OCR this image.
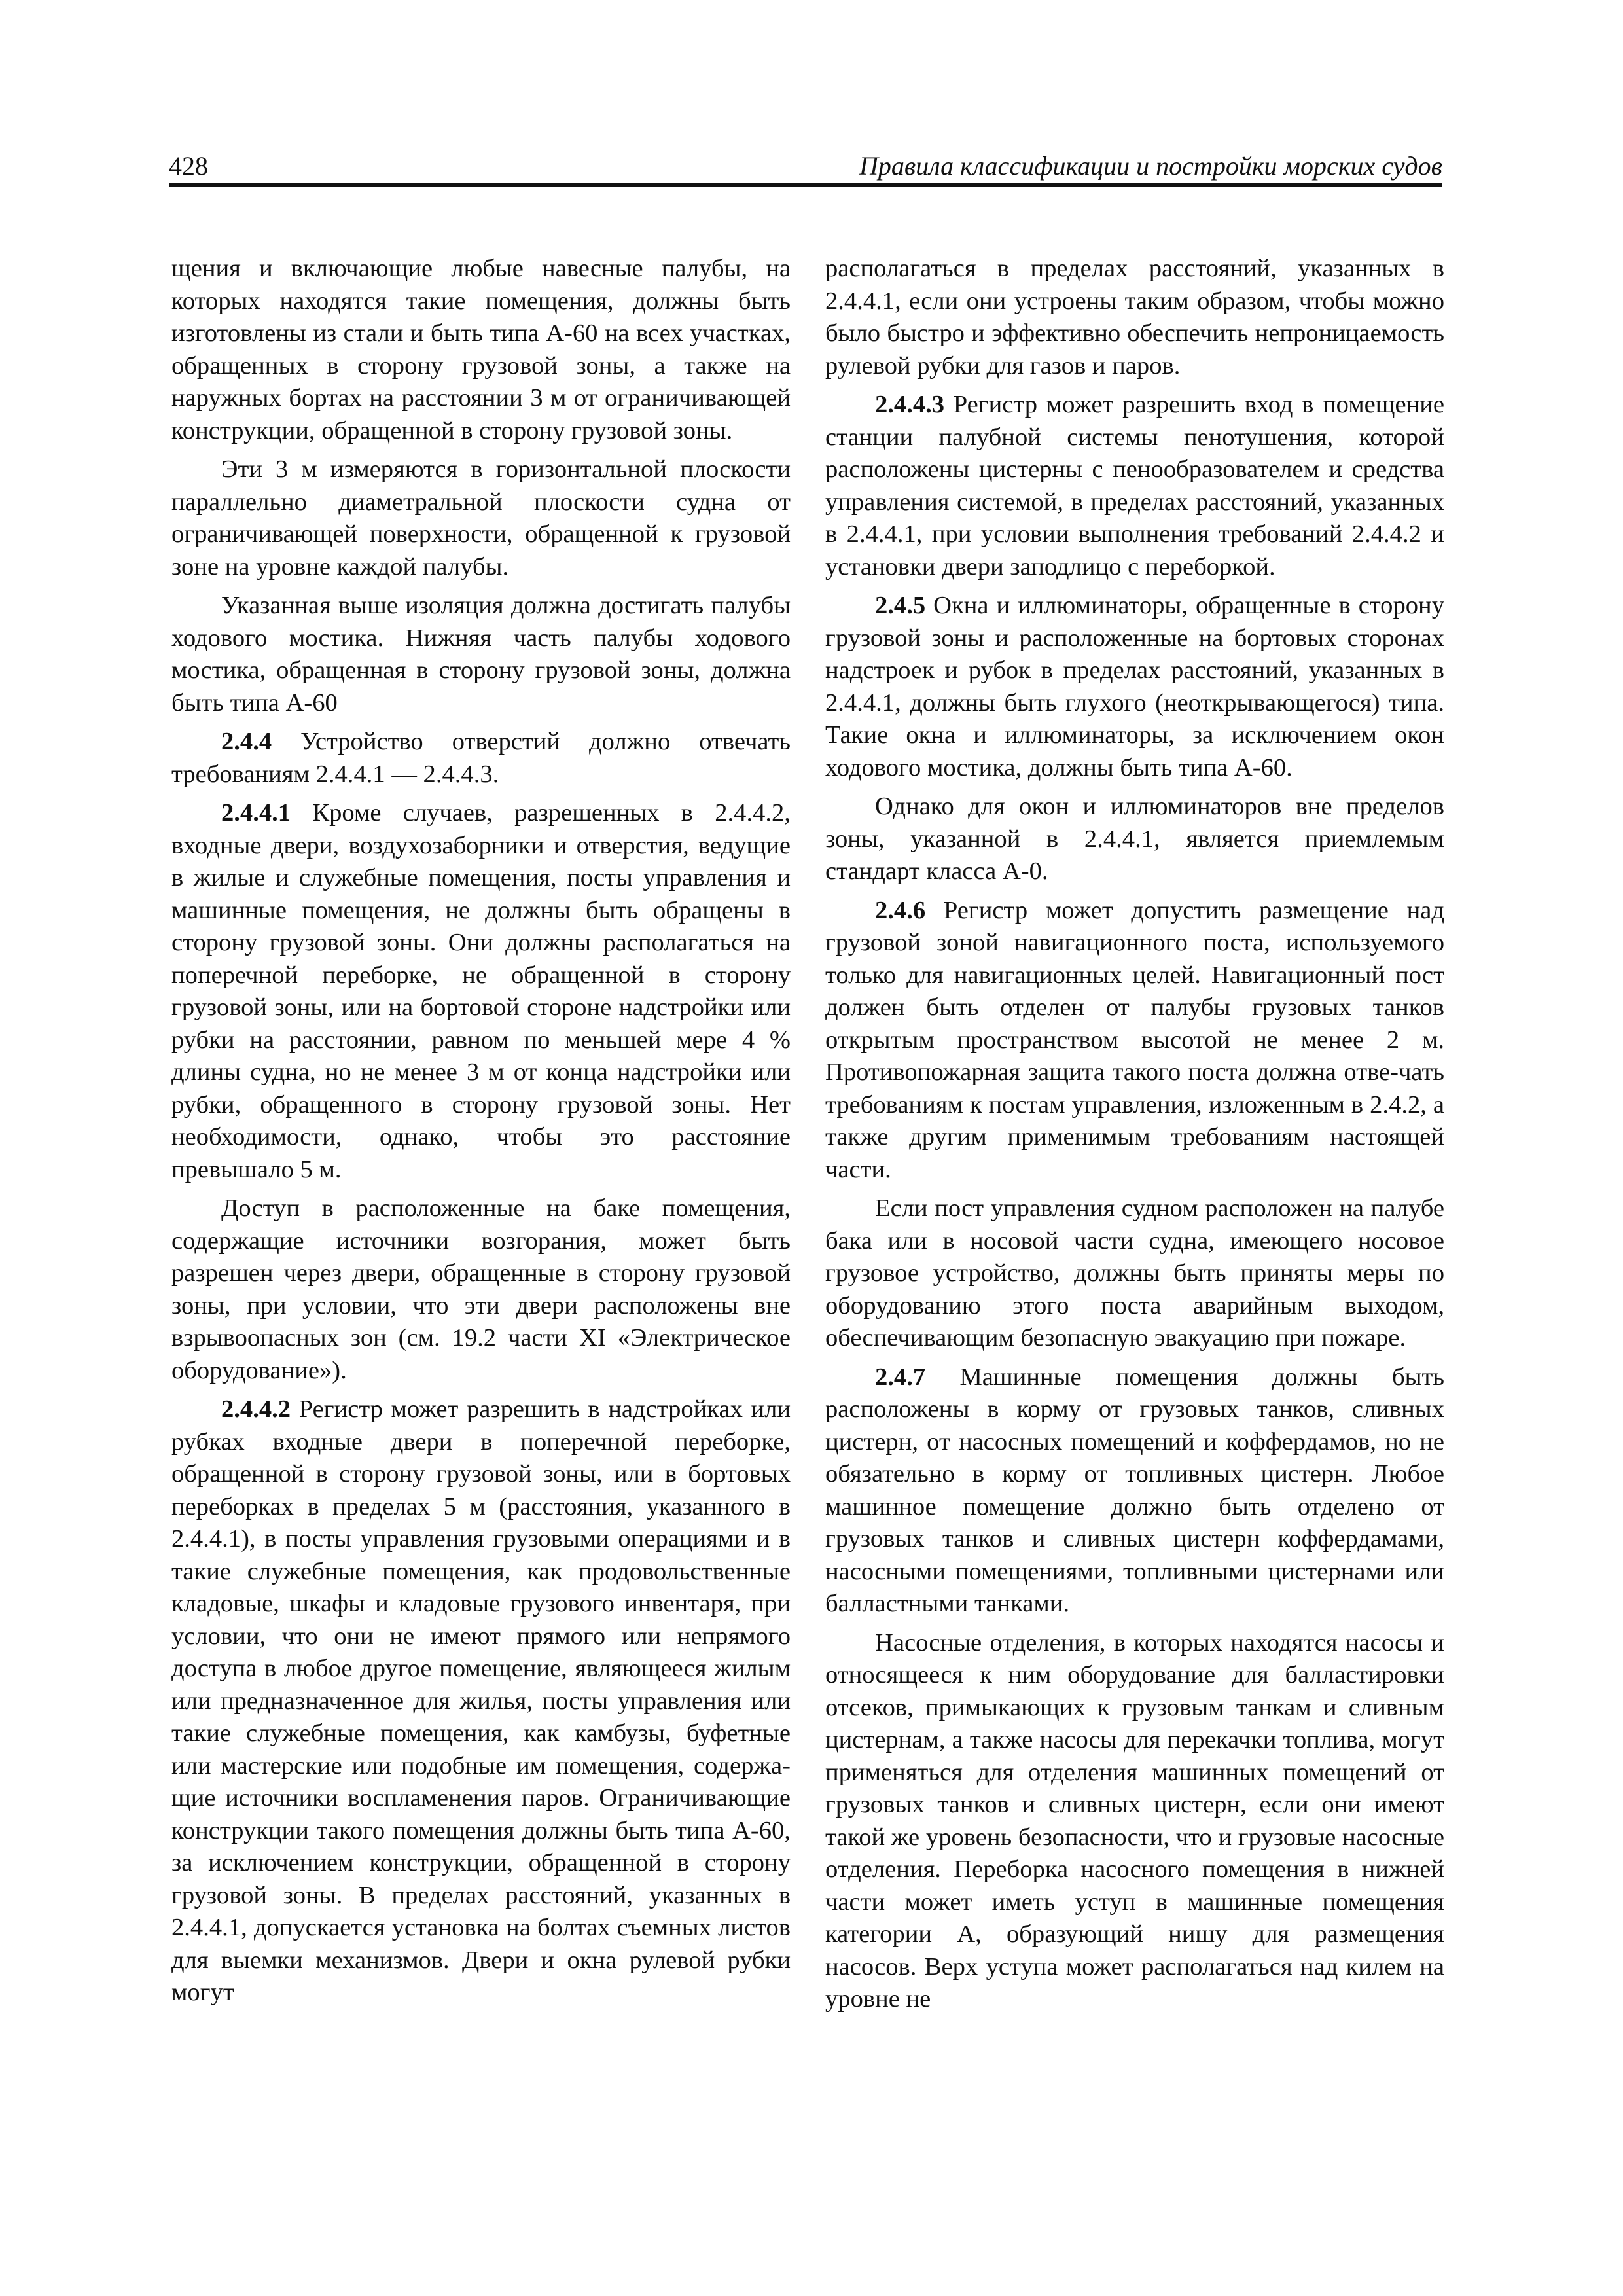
428	Правила классификации и постройки морских судов

щения и включающие любые навесные палубы, на которых находятся такие помещения, должны быть изготовлены из стали и быть типа А-60 на всех участках, обращенных в сторону грузовой зоны, а также на наружных бортах на расстоянии 3 м от ограничивающей конструкции, обращенной в сторону грузовой зоны.

Эти 3 м измеряются в горизонтальной плоскости параллельно диаметральной плоскости судна от ограничивающей поверхности, обращенной к грузовой зоне на уровне каждой палубы.

Указанная выше изоляция должна достигать палубы ходового мостика. Нижняя часть палубы ходового мостика, обращенная в сторону грузовой зоны, должна быть типа А-60

2.4.4 Устройство отверстий должно отвечать требованиям 2.4.4.1 — 2.4.4.3.

2.4.4.1 Кроме случаев, разрешенных в 2.4.4.2, входные двери, воздухозаборники и отверстия, ведущие в жилые и служебные помещения, посты управления и машинные помещения, не должны быть обращены в сторону грузовой зоны. Они должны располагаться на поперечной переборке, не обращенной в сторону грузовой зоны, или на бортовой стороне надстройки или рубки на расстоянии, равном по меньшей мере 4 % длины судна, но не менее 3 м от конца надстройки или рубки, обращенного в сторону грузовой зоны. Нет необходимости, однако, чтобы это расстояние превышало 5 м.

Доступ в расположенные на баке помещения, содержащие источники возгорания, может быть разрешен через двери, обращенные в сторону грузовой зоны, при условии, что эти двери расположены вне взрывоопасных зон (см. 19.2 части XI «Электрическое оборудование»).

2.4.4.2 Регистр может разрешить в надстройках или рубках входные двери в поперечной переборке, обращенной в сторону грузовой зоны, или в бортовых переборках в пределах 5 м (расстояния, указанного в 2.4.4.1), в посты управления грузовыми операциями и в такие служебные помещения, как продовольственные кладовые, шкафы и кладовые грузового инвентаря, при условии, что они не имеют прямого или непрямого доступа в любое другое помещение, являющееся жилым или предназначенное для жилья, посты управления или такие служебные помещения, как камбузы, буфетные или мастерские или подобные им помещения, содержащие источники воспламенения паров. Ограничивающие конструкции такого помещения должны быть типа А-60, за исключением конструкции, обращенной в сторону грузовой зоны. В пределах расстояний, указанных в 2.4.4.1, допускается установка на болтах съемных листов для выемки механизмов. Двери и окна рулевой рубки могут

располагаться в пределах расстояний, указанных в 2.4.4.1, если они устроены таким образом, чтобы можно было быстро и эффективно обеспечить непроницаемость рулевой рубки для газов и паров.

2.4.4.3 Регистр может разрешить вход в помещение станции палубной системы пенотушения, которой расположены цистерны с пенообразователем и средства управления системой, в пределах расстояний, указанных в 2.4.4.1, при условии выполнения требований 2.4.4.2 и установки двери заподлицо с переборкой.

2.4.5 Окна и иллюминаторы, обращенные в сторону грузовой зоны и расположенные на бортовых сторонах надстроек и рубок в пределах расстояний, указанных в 2.4.4.1, должны быть глухого (неоткрывающегося) типа. Такие окна и иллюминаторы, за исключением окон ходового мостика, должны быть типа А-60.

Однако для окон и иллюминаторов вне пределов зоны, указанной в 2.4.4.1, является приемлемым стандарт класса А-0.

2.4.6 Регистр может допустить размещение над грузовой зоной навигационного поста, используемого только для навигационных целей. Навигационный пост должен быть отделен от палубы грузовых танков открытым пространством высотой не менее 2 м. Противопожарная защита такого поста должна отве-чать требованиям к постам управления, изложенным в 2.4.2, а также другим применимым требованиям настоящей части.

Если пост управления судном расположен на палубе бака или в носовой части судна, имеющего носовое грузовое устройство, должны быть приняты меры по оборудованию этого поста аварийным выходом, обеспечивающим безопасную эвакуацию при пожаре.

2.4.7 Машинные помещения должны быть расположены в корму от грузовых танков, сливных цистерн, от насосных помещений и коффердамов, но не обязательно в корму от топливных цистерн. Любое машинное помещение должно быть отделено от грузовых танков и сливных цистерн коффердамами, насосными помещениями, топливными цистернами или балластными танками.

Насосные отделения, в которых находятся насосы и относящееся к ним оборудование для балластировки отсеков, примыкающих к грузовым танкам и сливным цистернам, а также насосы для перекачки топлива, могут применяться для отделения машинных помещений от грузовых танков и сливных цистерн, если они имеют такой же уровень безопасности, что и грузовые насосные отделения. Переборка насосного помещения в нижней части может иметь уступ в машинные помещения категории А, образующий нишу для размещения насосов. Верх уступа может располагаться над килем на уровне не
